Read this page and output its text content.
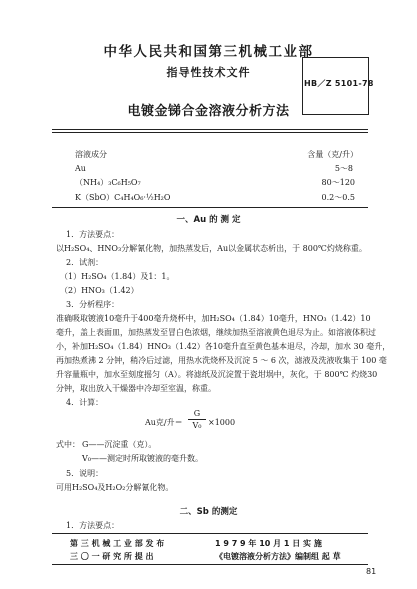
中华人民共和国第三机械工业部
指导性技术文件
HB／Z 5101-78
电镀金锑合金溶液分析方法
溶液成分	含量（克/升）
Au	5～8
（NH₄）₃C₆H₅O₇	80～120
K（SbO）C₄H₄O₆·½H₂O	0.2～0.5
一、Au 的 测 定
1．方法要点：
以H₂SO₄、HNO₃分解氰化物，加热蒸发后，Au以金属状态析出，于 800℃灼烧称重。
2．试剂：
（1）H₂SO₄（1.84）及1：1。
（2）HNO₃（1.42）
3．分析程序：
准确吸取镀液10毫升于400毫升烧杯中，加H₂SO₄（1.84）10毫升，HNO₃（1.42）10
毫升，盖上表面皿，加热蒸发至冒白色浓烟，继续加热至溶液黄色退尽为止。如溶液体积过
小，补加H₂SO₄（1.84）HNO₃（1.42）各10毫升直至黄色基本退尽，冷却，加水 30 毫升，
再加热煮沸 2 分钟，稍冷后过滤，用热水洗烧杯及沉淀 5 ～ 6 次，滤液及洗液收集于 100 毫
升容量瓶中，加水至刻度摇匀（A）。将滤纸及沉淀置于瓷坩埚中，灰化，于 800℃ 灼烧30
分钟，取出放入干燥器中冷却至室温，称重。
4．计算：
Au克/升＝
G
V₀ ×1000
式中： G——沉淀重（克）。
V₀——测定时所取镀液的毫升数。
5．说明：
可用H₂SO₄及H₂O₂分解氰化物。
二、Sb 的测定
1．方法要点：
第 三 机 械 工 业 部 发 布	1 9 7 9 年 10 月 1 日 实 施
三 〇 一 研 究 所 提 出	《电镀溶液分析方法》编制组 起 草
81
